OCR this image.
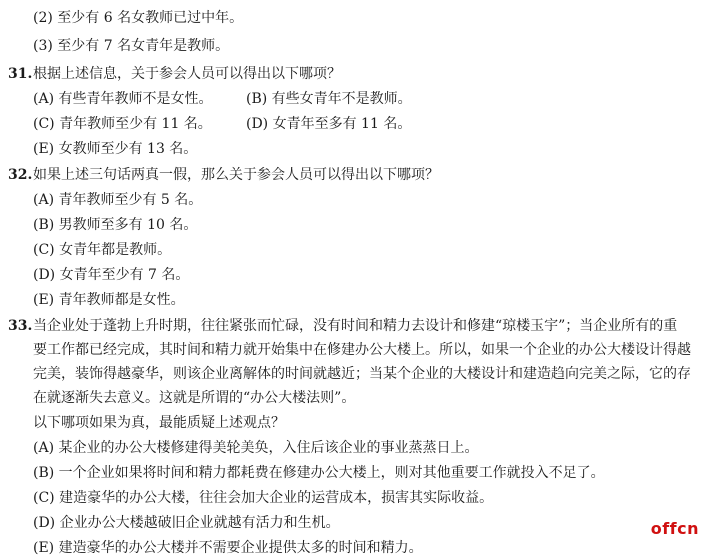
(2) 至少有 6 名女教师已过中年。
(3) 至少有 7 名女青年是教师。
31. 根据上述信息，关于参会人员可以得出以下哪项？
(A) 有些青年教师不是女性。 (B) 有些女青年不是教师。
(C) 青年教师至少有 11 名。 (D) 女青年至多有 11 名。
(E) 女教师至少有 13 名。
32. 如果上述三句话两真一假，那么关于参会人员可以得出以下哪项？
(A) 青年教师至少有 5 名。
(B) 男教师至多有 10 名。
(C) 女青年都是教师。
(D) 女青年至少有 7 名。
(E) 青年教师都是女性。
33. 当企业处于蓬勃上升时期，往往紧张而忙碌，没有时间和精力去设计和修建“琼楼玉宇”；当企业所有的重
要工作都已经完成，其时间和精力就开始集中在修建办公大楼上。所以，如果一个企业的办公大楼设计得越
完美，装饰得越豪华，则该企业离解体的时间就越近；当某个企业的大楼设计和建造趋向完美之际，它的存
在就逐渐失去意义。这就是所谓的“办公大楼法则”。
以下哪项如果为真，最能质疑上述观点？
(A) 某企业的办公大楼修建得美轮美奂，入住后该企业的事业蒸蒸日上。
(B) 一个企业如果将时间和精力都耗费在修建办公大楼上，则对其他重要工作就投入不足了。
(C) 建造豪华的办公大楼，往往会加大企业的运营成本，损害其实际收益。
(D) 企业办公大楼越破旧企业就越有活力和生机。
(E) 建造豪华的办公大楼并不需要企业提供太多的时间和精力。
offcn
